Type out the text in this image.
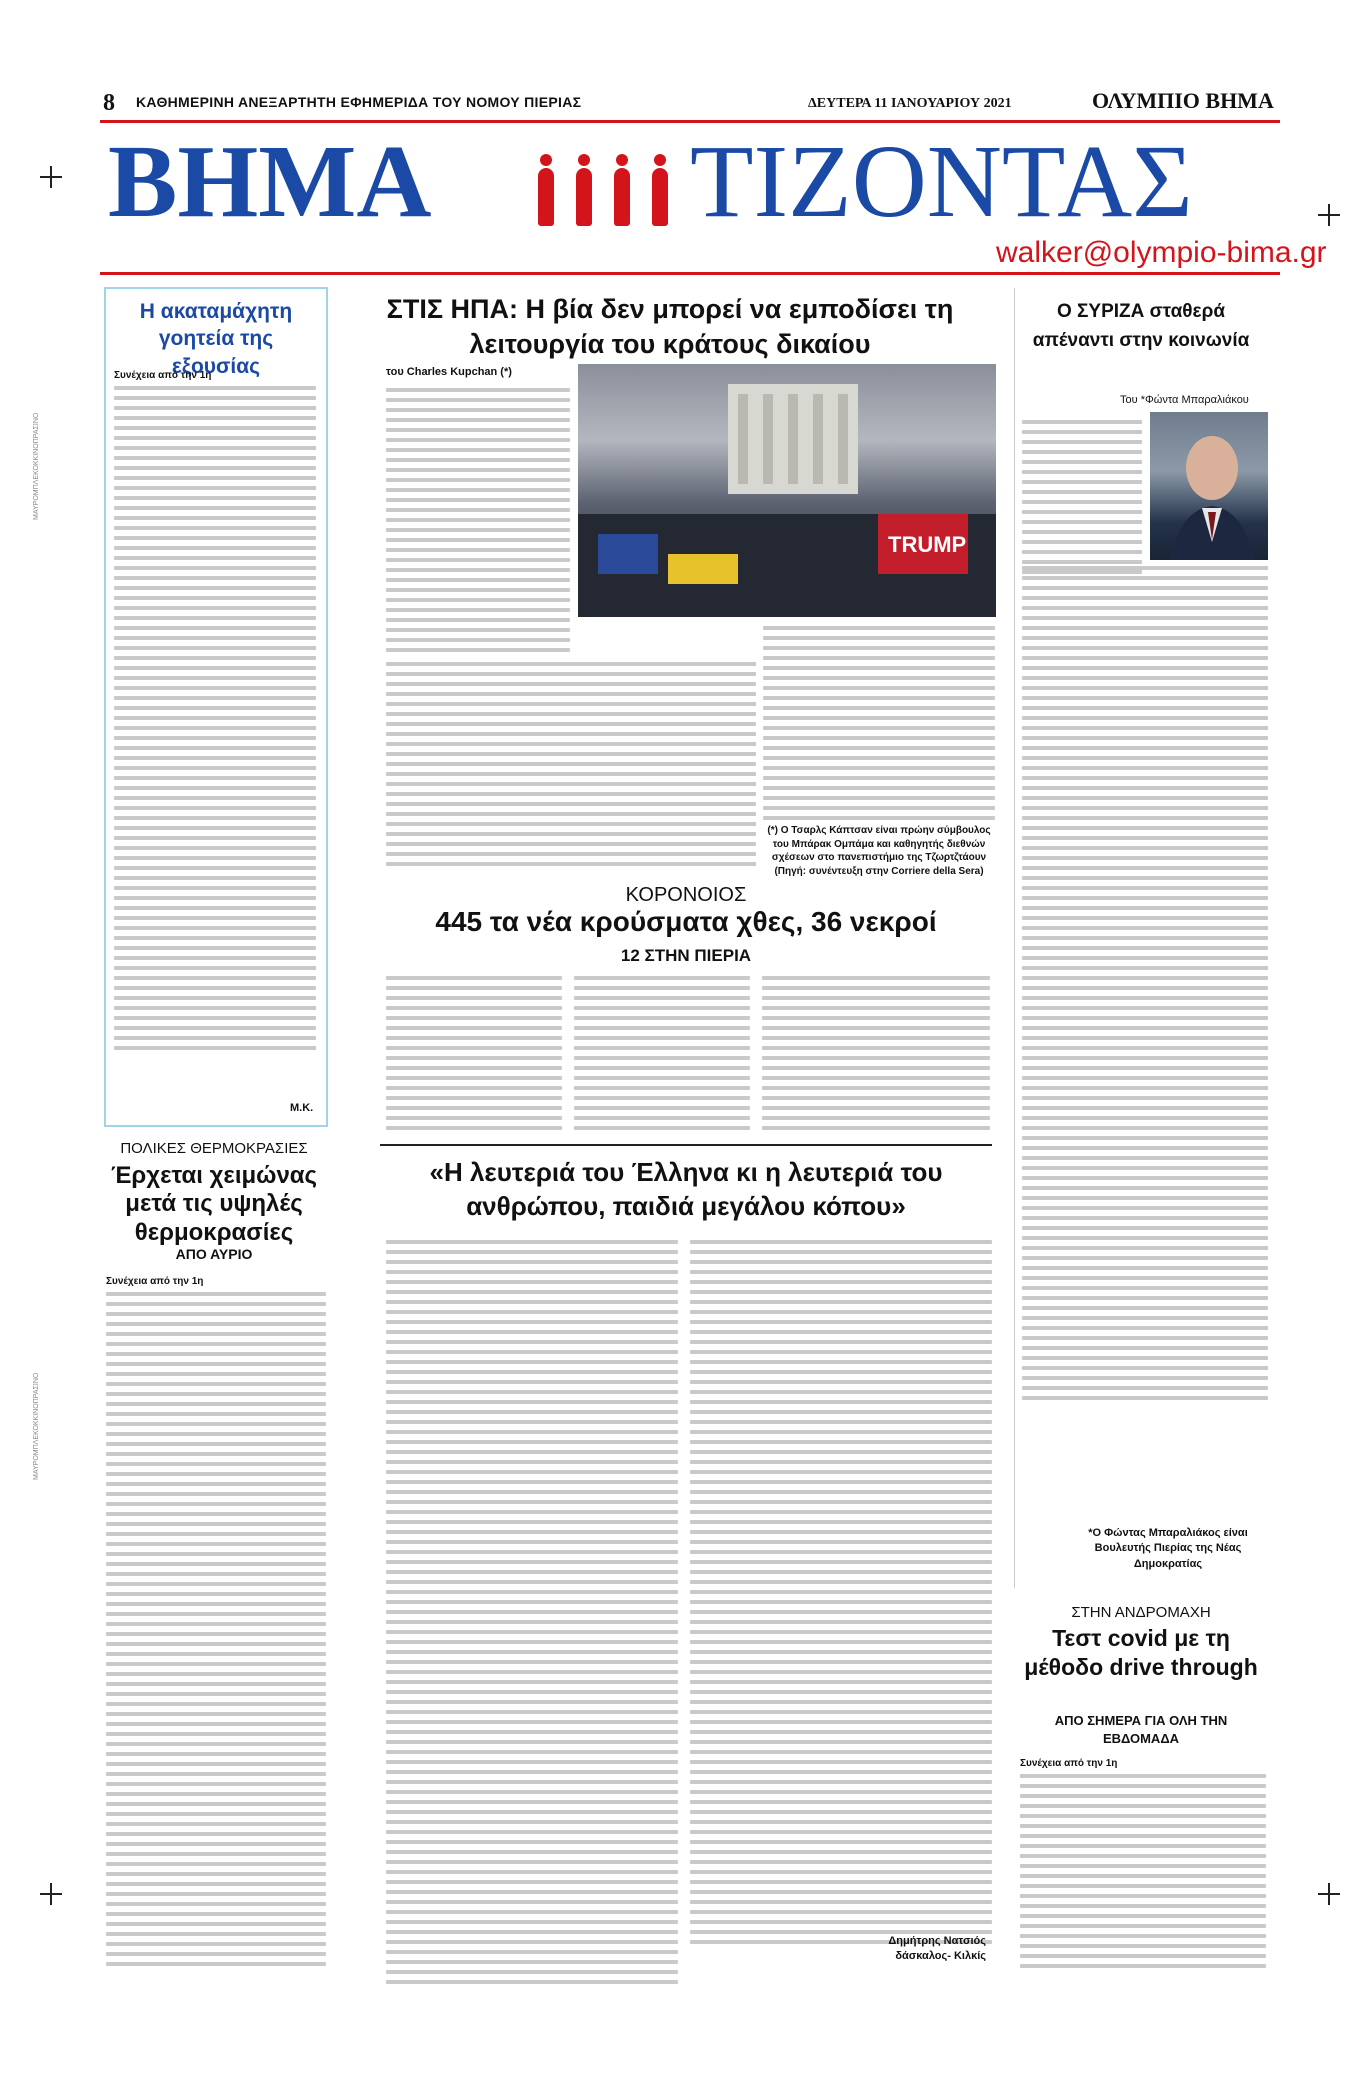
8 ΚΑΘΗΜΕΡΙΝΗ ΑΝΕΞΑΡΤΗΤΗ ΕΦΗΜΕΡΙΔΑ ΤΟΥ ΝΟΜΟΥ ΠΙΕΡΙΑΣ	ΔΕΥΤΕΡΑ 11 ΙΑΝΟΥΑΡΙΟΥ 2021	ΟΛΥΜΠΙΟ ΒΗΜΑ
ΒΗΜΑ ΤΙΖΟΝΤΑΣ
walker@olympio-bima.gr
Η ακαταμάχητη γοητεία της εξουσίας
Συνέχεια από την 1η
Μ.Κ.
ΜΑΥΡΟΜΠΛΕΚΟΚΚΙΝΟΠΡΑΣΙΝΟ
ΠΟΛΙΚΕΣ ΘΕΡΜΟΚΡΑΣΙΕΣ
Έρχεται χειμώνας μετά τις υψηλές θερμοκρασίες
ΑΠΟ ΑΥΡΙΟ
Συνέχεια από την 1η
ΜΑΥΡΟΜΠΛΕΚΟΚΚΙΝΟΠΡΑΣΙΝΟ
ΣΤΙΣ ΗΠΑ: Η βία δεν μπορεί να εμποδίσει τη λειτουργία του κράτους δικαίου
του Charles Kupchan (*)
TRUMP
(*) Ο Τσαρλς Κάπτσαν είναι πρώην σύμβουλος του Μπάρακ Ομπάμα και καθηγητής διεθνών σχέσεων στο πανεπιστήμιο της Τζωρτζτάουν (Πηγή: συνέντευξη στην Corriere della Sera)
ΚΟΡΟΝΟΙΟΣ
445 τα νέα κρούσματα χθες, 36 νεκροί
12 ΣΤΗΝ ΠΙΕΡΙΑ
«Η λευτεριά του Έλληνα κι η λευτεριά του ανθρώπου, παιδιά μεγάλου κόπου»
Δημήτρης Νατσιός δάσκαλος- Κιλκίς
Ο ΣΥΡΙΖΑ σταθερά απέναντι στην κοινωνία
Του *Φώντα Μπαραλιάκου
*Ο Φώντας Μπαραλιάκος είναι Βουλευτής Πιερίας της Νέας Δημοκρατίας
ΣΤΗΝ ΑΝΔΡΟΜΑΧΗ
Τεστ covid με τη μέθοδο drive through
ΑΠΟ ΣΗΜΕΡΑ ΓΙΑ ΟΛΗ ΤΗΝ ΕΒΔΟΜΑΔΑ
Συνέχεια από την 1η
